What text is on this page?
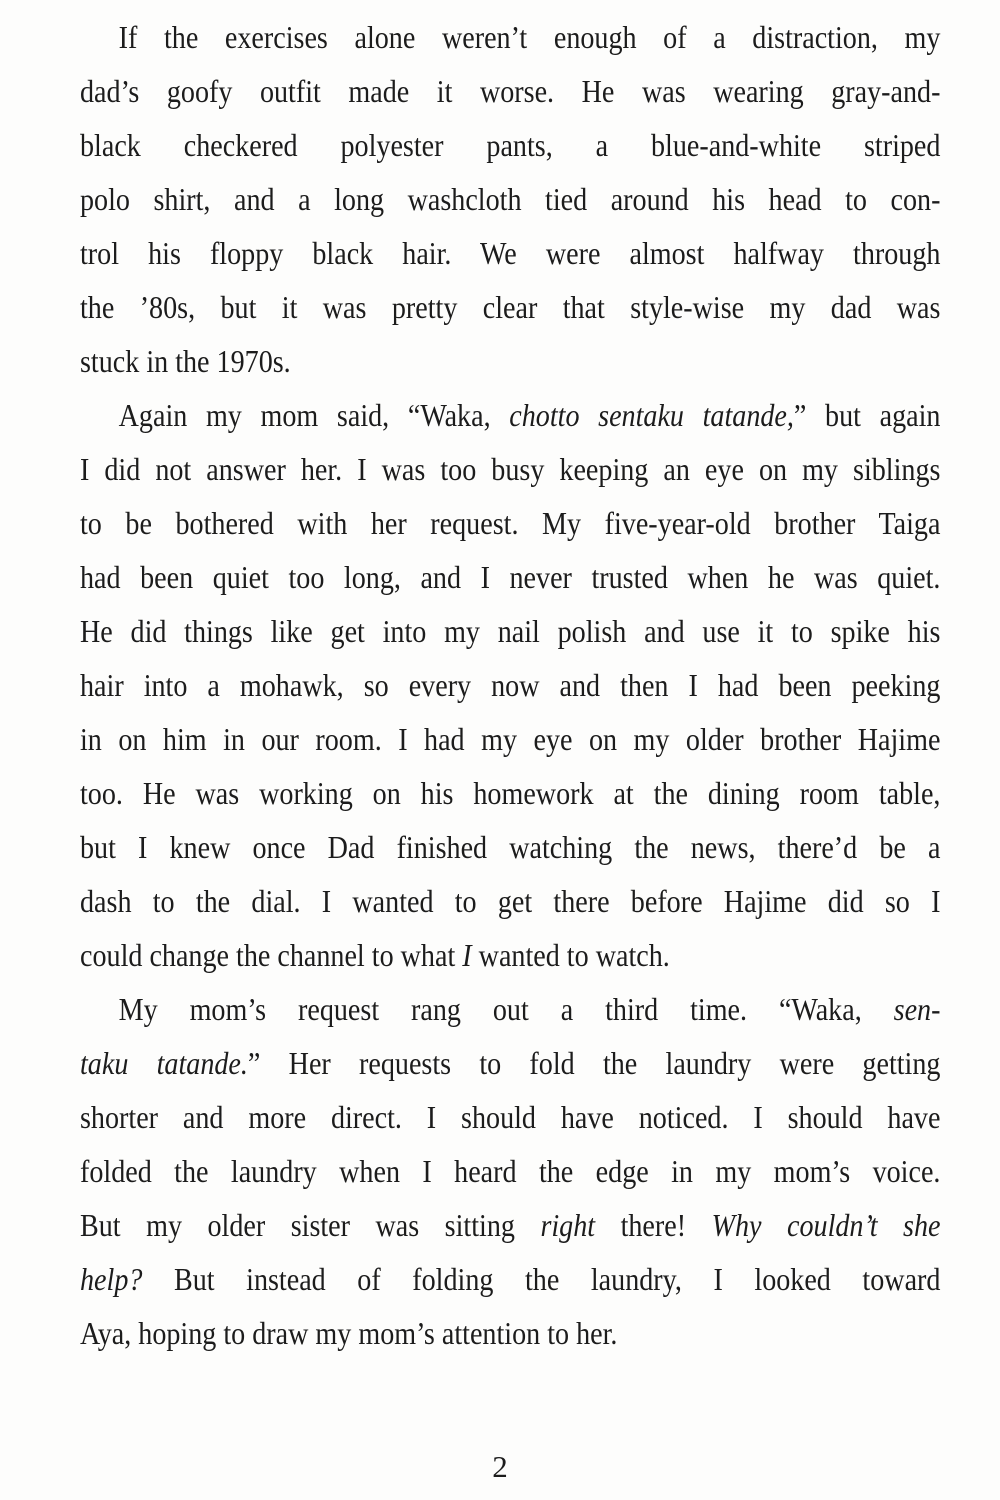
If the exercises alone weren’t enough of a distraction, my
dad’s goofy outfit made it worse. He was wearing gray-and-
black checkered polyester pants, a blue-and-white striped
polo shirt, and a long washcloth tied around his head to con-
trol his floppy black hair. We were almost halfway through
the ’80s, but it was pretty clear that style-wise my dad was
stuck in the 1970s.
Again my mom said, “Waka, chotto sentaku tatande,” but again
I did not answer her. I was too busy keeping an eye on my siblings
to be bothered with her request. My five-year-old brother Taiga
had been quiet too long, and I never trusted when he was quiet.
He did things like get into my nail polish and use it to spike his
hair into a mohawk, so every now and then I had been peeking
in on him in our room. I had my eye on my older brother Hajime
too. He was working on his homework at the dining room table,
but I knew once Dad finished watching the news, there’d be a
dash to the dial. I wanted to get there before Hajime did so I
could change the channel to what I wanted to watch.
My mom’s request rang out a third time. “Waka, sen-
taku tatande.” Her requests to fold the laundry were getting
shorter and more direct. I should have noticed. I should have
folded the laundry when I heard the edge in my mom’s voice.
But my older sister was sitting right there! Why couldn’t she
help? But instead of folding the laundry, I looked toward
Aya, hoping to draw my mom’s attention to her.
2
